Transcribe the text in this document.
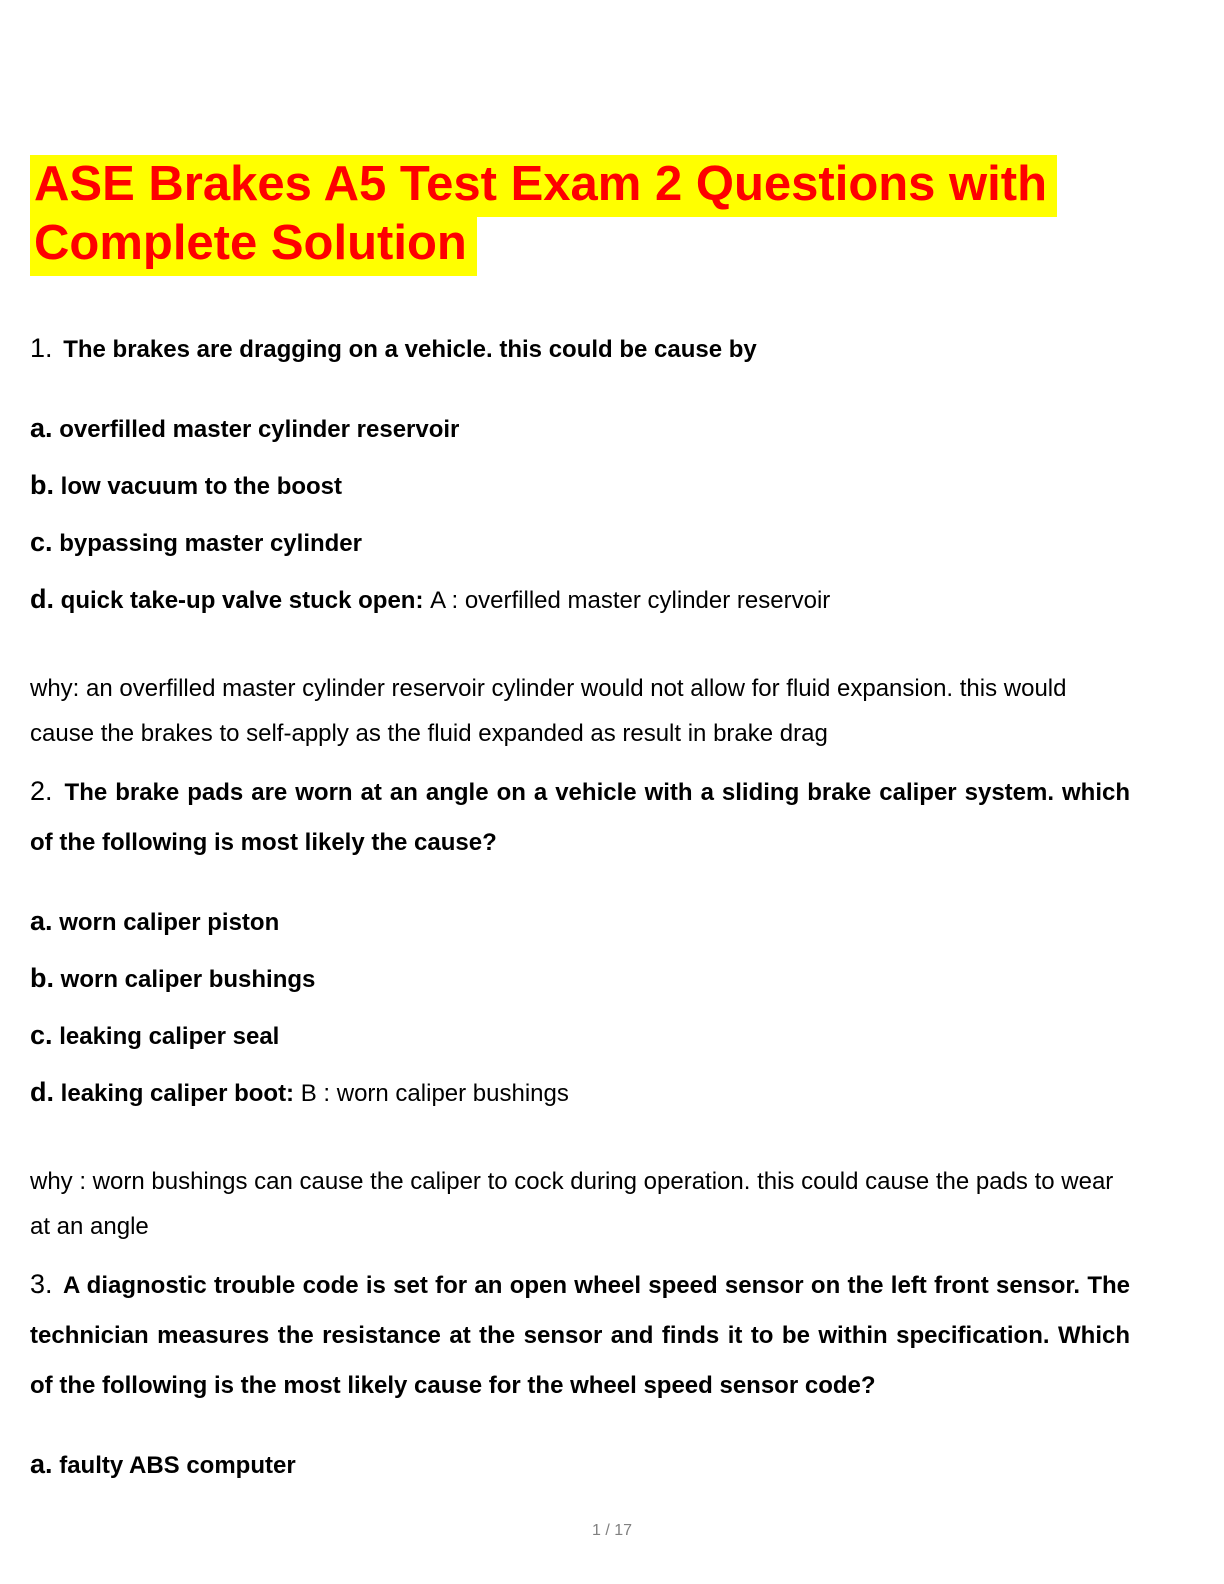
ASE Brakes A5 Test Exam 2 Questions with Complete Solution

1. The brakes are dragging on a vehicle. this could be cause by

a. overfilled master cylinder reservoir

b. low vacuum to the boost

c. bypassing master cylinder

d. quick take-up valve stuck open: A : overfilled master cylinder reservoir

why: an overfilled master cylinder reservoir cylinder would not allow for fluid expansion. this would cause the brakes to self-apply as the fluid expanded as result in brake drag

2. The brake pads are worn at an angle on a vehicle with a sliding brake caliper system. which of the following is most likely the cause?

a. worn caliper piston

b. worn caliper bushings

c. leaking caliper seal

d. leaking caliper boot: B : worn caliper bushings

why : worn bushings can cause the caliper to cock during operation. this could cause the pads to wear at an angle

3. A diagnostic trouble code is set for an open wheel speed sensor on the left front sensor. The technician measures the resistance at the sensor and finds it to be within specification. Which of the following is the most likely cause for the wheel speed sensor code?

a. faulty ABS computer

1 / 17
